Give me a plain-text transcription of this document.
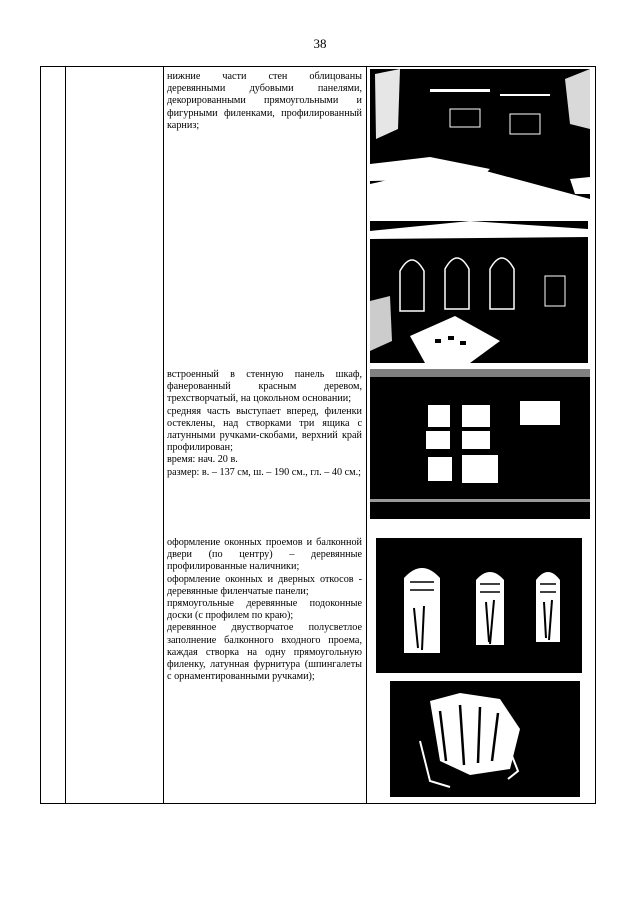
38

нижние части стен облицованы деревянными дубовыми панелями, декорированными прямоугольными и фигурными филенками, профилированный карниз;

встроенный в стенную панель шкаф, фанерованный красным деревом, трехстворчатый, на цокольном основании;

средняя часть выступает вперед, филенки остеклены, над створками три ящика с латунными ручками-скобами, верхний край профилирован;

время: нач. 20 в.

размер: в. – 137 см, ш. – 190 см., гл. – 40 см.;

оформление оконных проемов и балконной двери (по центру) – деревянные профилированные наличники;

оформление оконных и дверных откосов - деревянные филенчатые панели;

прямоугольные деревянные подоконные доски (с профилем по краю);

деревянное двустворчатое полусветлое заполнение балконного входного проема, каждая створка на одну прямоугольную филенку, латунная фурнитура (шпингалеты с орнаментированными ручками);
